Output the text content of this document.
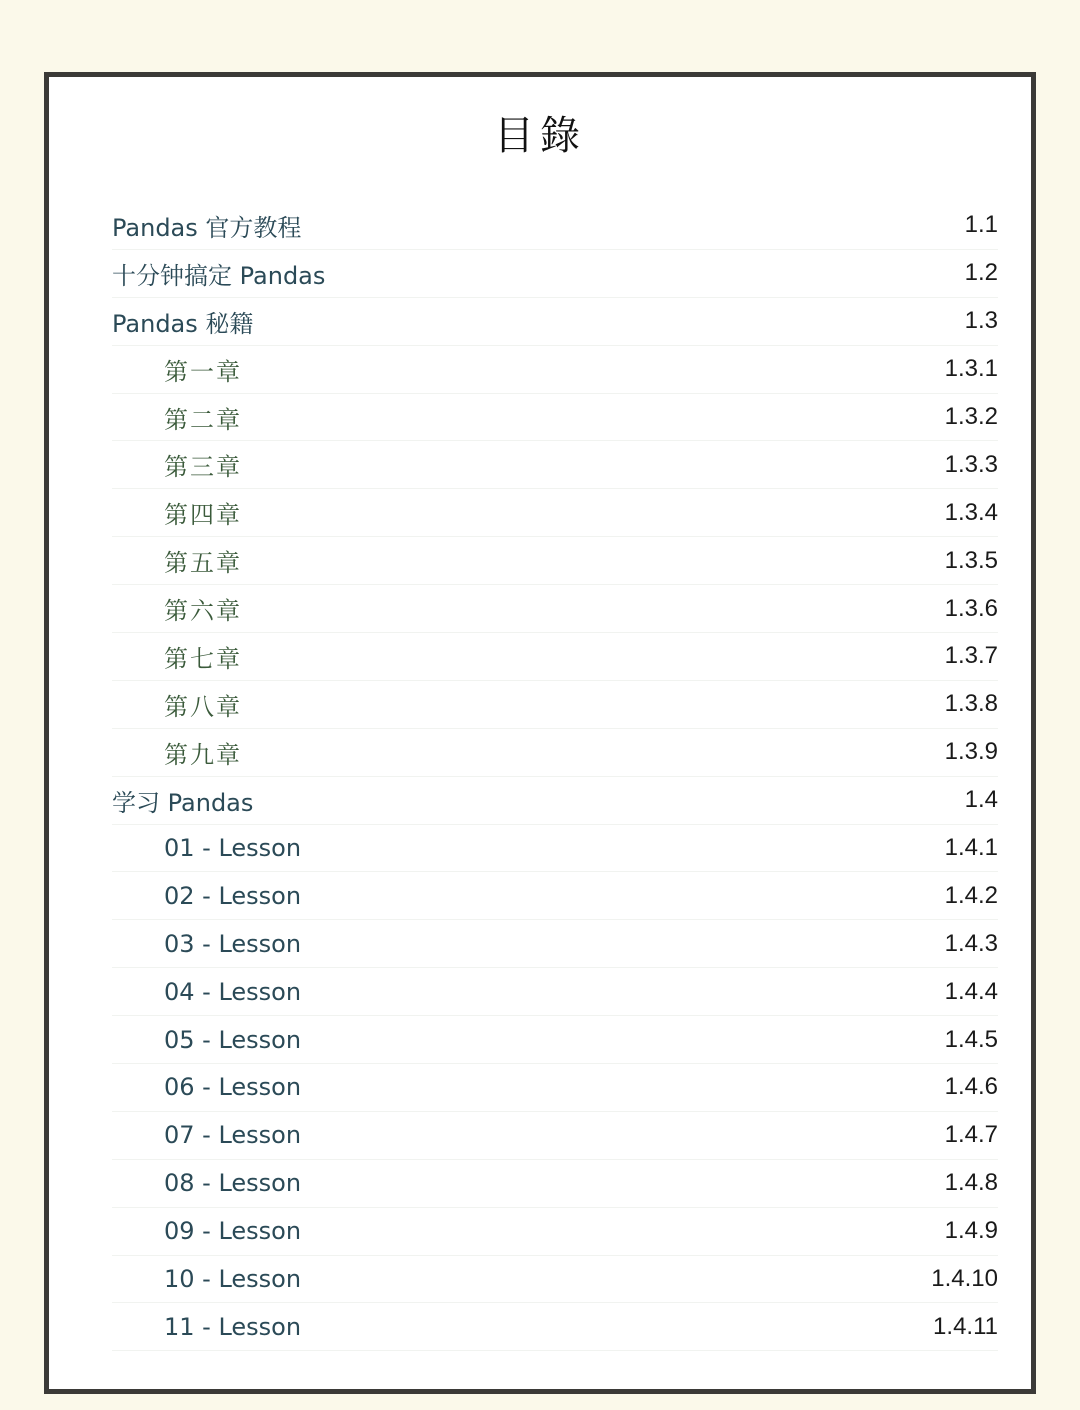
目錄
Pandas 官方教程	1.1
十分钟搞定 Pandas	1.2
Pandas 秘籍	1.3
第一章	1.3.1
第二章	1.3.2
第三章	1.3.3
第四章	1.3.4
第五章	1.3.5
第六章	1.3.6
第七章	1.3.7
第八章	1.3.8
第九章	1.3.9
学习 Pandas	1.4
01 - Lesson	1.4.1
02 - Lesson	1.4.2
03 - Lesson	1.4.3
04 - Lesson	1.4.4
05 - Lesson	1.4.5
06 - Lesson	1.4.6
07 - Lesson	1.4.7
08 - Lesson	1.4.8
09 - Lesson	1.4.9
10 - Lesson	1.4.10
11 - Lesson	1.4.11
